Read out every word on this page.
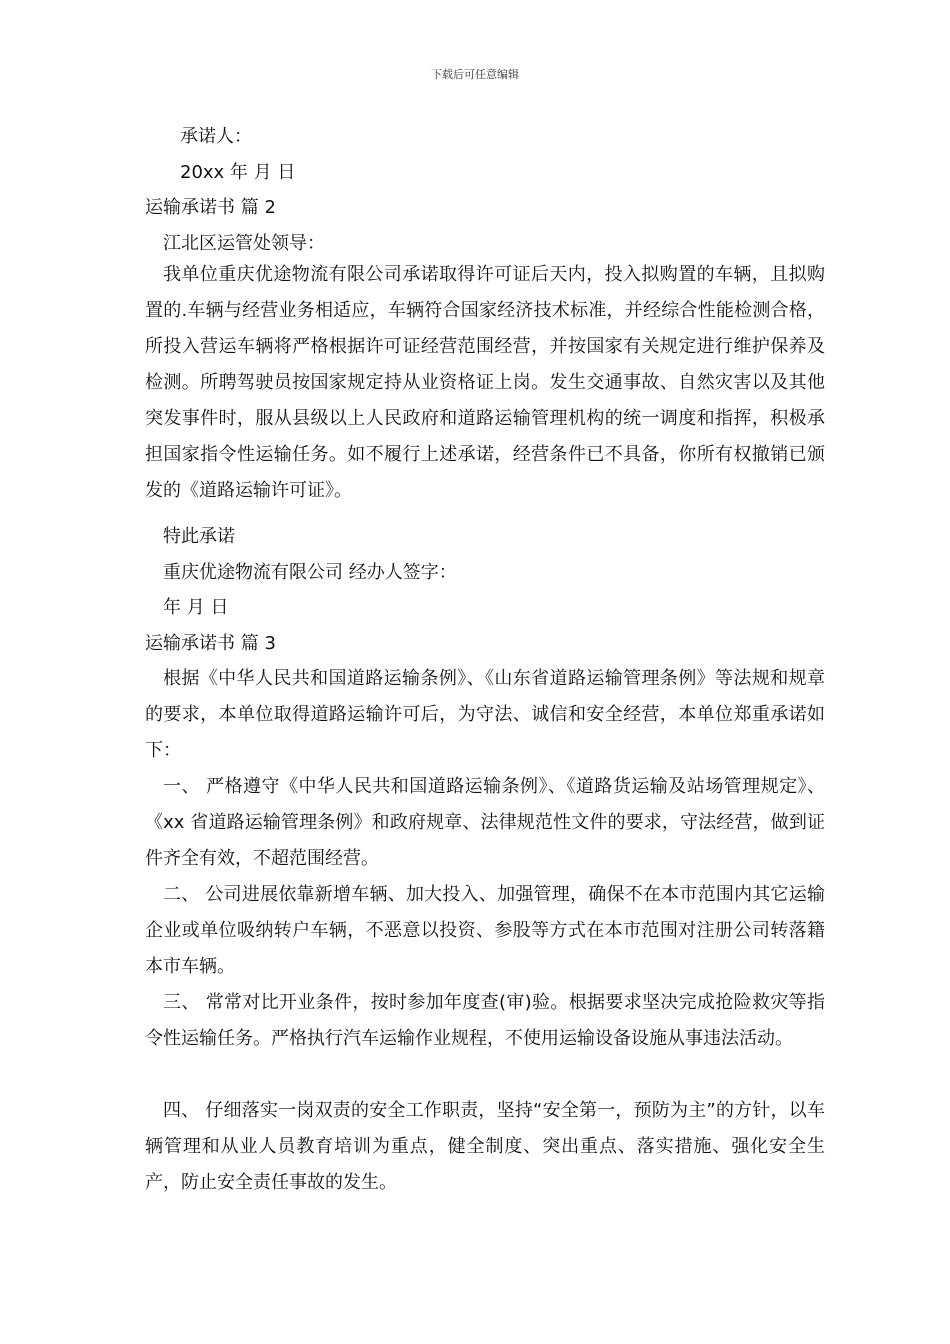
下载后可任意编辑
承诺人：
20xx 年 月 日
运输承诺书 篇 2
江北区运管处领导：
我单位重庆优途物流有限公司承诺取得许可证后天内，投入拟购置的车辆，且拟购置的.车辆与经营业务相适应，车辆符合国家经济技术标准，并经综合性能检测合格，所投入营运车辆将严格根据许可证经营范围经营，并按国家有关规定进行维护保养及检测。所聘驾驶员按国家规定持从业资格证上岗。发生交通事故、自然灾害以及其他突发事件时，服从县级以上人民政府和道路运输管理机构的统一调度和指挥，积极承担国家指令性运输任务。如不履行上述承诺，经营条件已不具备，你所有权撤销已颁发的《道路运输许可证》。
特此承诺
重庆优途物流有限公司 经办人签字：
年 月 日
运输承诺书 篇 3
根据《中华人民共和国道路运输条例》、《山东省道路运输管理条例》等法规和规章的要求，本单位取得道路运输许可后，为守法、诚信和安全经营，本单位郑重承诺如下：
一、 严格遵守《中华人民共和国道路运输条例》、《道路货运输及站场管理规定》、《xx 省道路运输管理条例》和政府规章、法律规范性文件的要求，守法经营，做到证件齐全有效，不超范围经营。
二、 公司进展依靠新增车辆、加大投入、加强管理，确保不在本市范围内其它运输企业或单位吸纳转户车辆，不恶意以投资、参股等方式在本市范围对注册公司转落籍本市车辆。
三、 常常对比开业条件，按时参加年度查(审)验。根据要求坚决完成抢险救灾等指令性运输任务。严格执行汽车运输作业规程，不使用运输设备设施从事违法活动。
四、 仔细落实一岗双责的安全工作职责，坚持“安全第一，预防为主”的方针，以车辆管理和从业人员教育培训为重点，健全制度、突出重点、落实措施、强化安全生产，防止安全责任事故的发生。
